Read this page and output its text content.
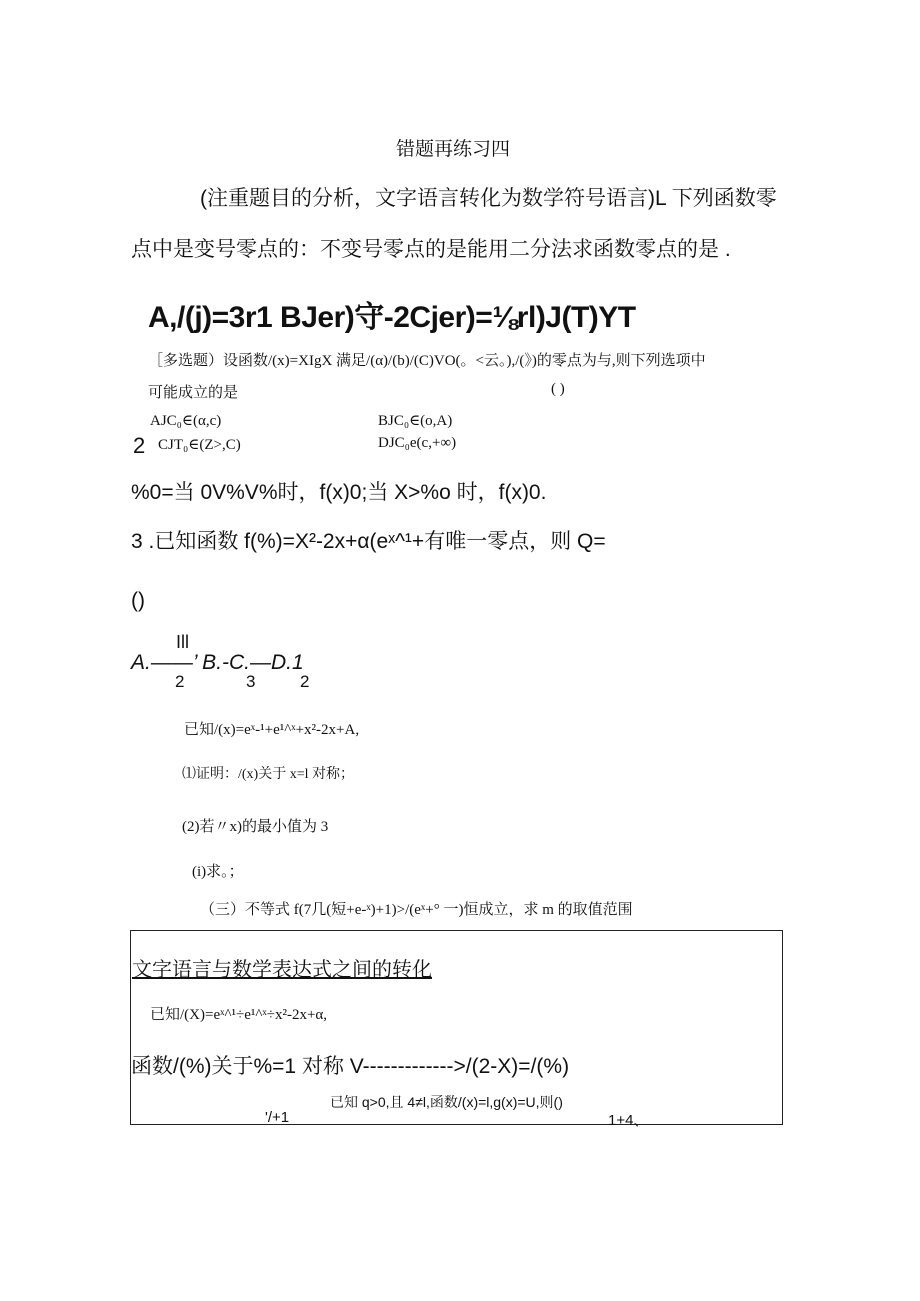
错题再练习四
(注重题目的分析，文字语言转化为数学符号语言)L 下列函数零
点中是变号零点的：不变号零点的是能用二分法求函数零点的是 .
A,/(j)=3r1 BJer)守-2Cjer)=⅛rl)J(T)YT
［多选题）设函数/(x)=XIgX 满足/(α)/(b)/(C)VO(。<云。),/(》)的零点为与,则下列选项中
可能成立的是	( )
AJC₀∈(α,c)	BJC₀∈(o,A)
2 CJT₀∈(Z>,C)	DJC₀e(c,+∞)
%0=当 0V%V%时，f(x)0;当 X>%o 时，f(x)0.
3 .已知函数 f(%)=X²-2x+α(eˣ^¹+有唯一零点，则 Q=
()
Ill
A.——’ B.-C.—D.1
2	3	2
已知/(x)=eˣ-¹+e¹^ˣ+x²-2x+A,
⑴证明：/(x)关于 x=l 对称；
(2)若〃x)的最小值为 3
(i)求。；
（三）不等式 f(7几(短+e-ˣ)+1)>/(eˣ+° 一)恒成立，求 m 的取值范围
文字语言与数学表达式之间的转化
已知/(X)=eˣ^¹÷e¹^ˣ÷x²-2x+α,
函数/(%)关于%=1 对称 V------------->/(2-X)=/(%)
已知 q>0,且 4≠l,函数/(x)=l,g(x)=U,则()
'/+1	1+4、
